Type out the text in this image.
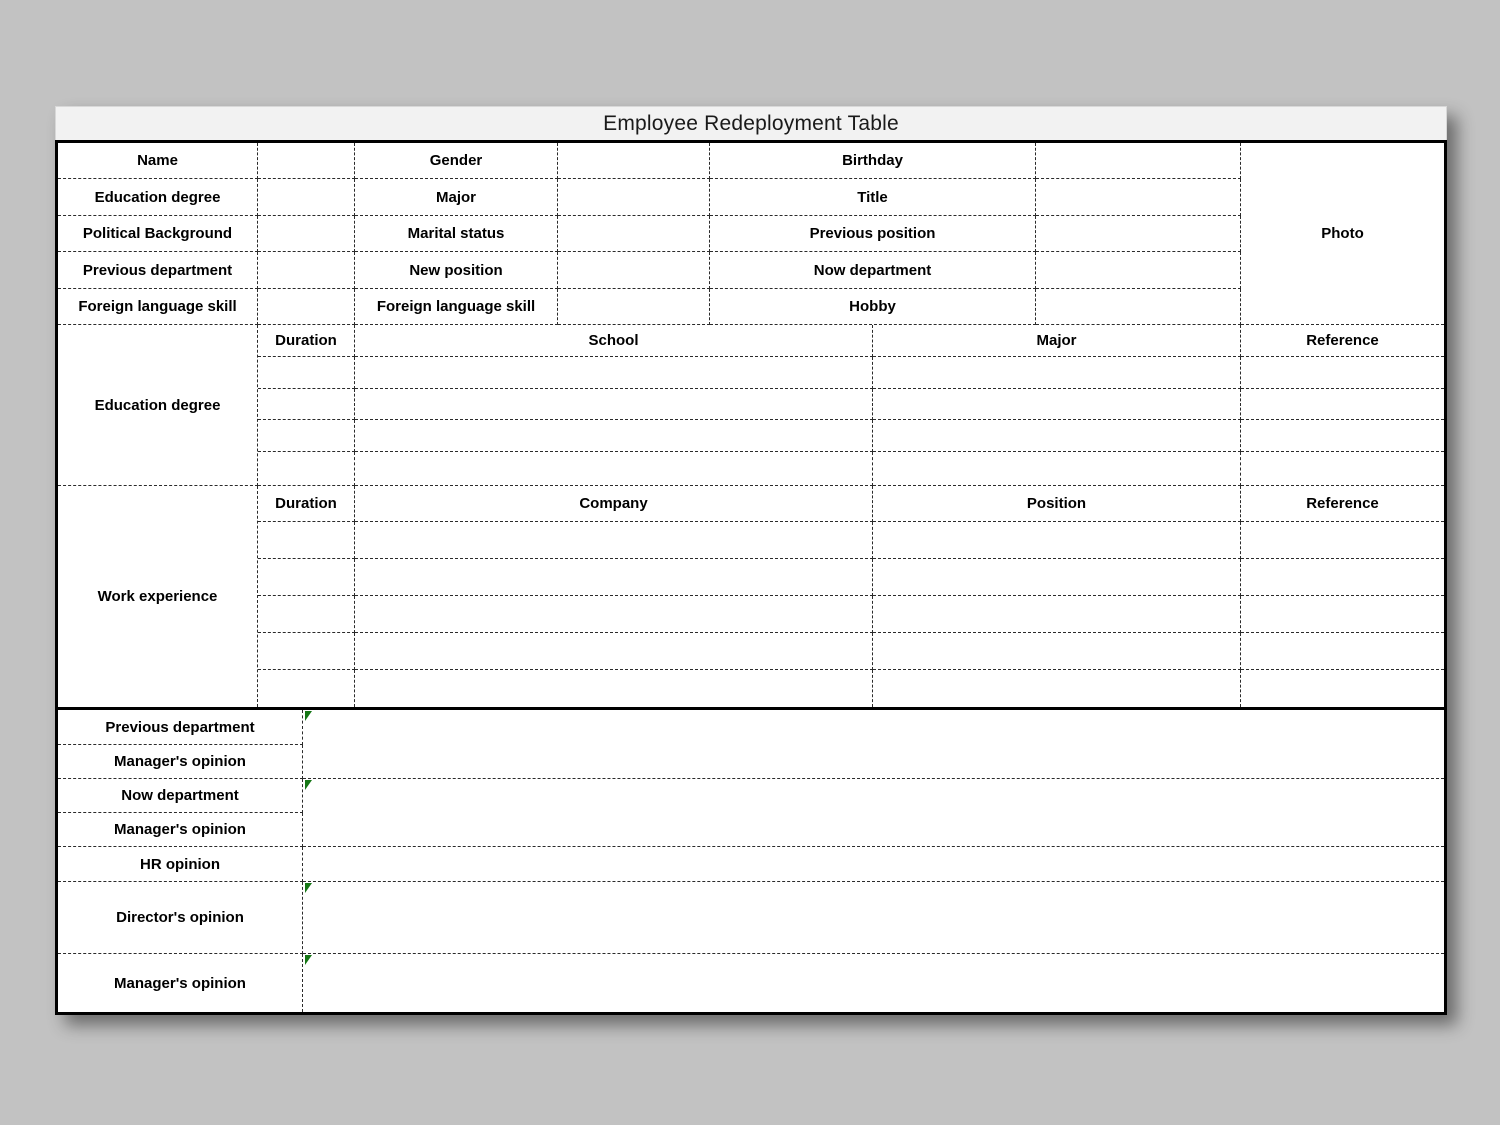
Employee Redeployment Table
Name	Gender	Birthday
Photo
Education degree	Major	Title
Political Background	Marital status	Previous position
Previous department	New position	Now department
Foreign language skill	Foreign language skill	Hobby
Education degree
Duration	School	Major	Reference
Work experience
Duration	Company	Position	Reference
Previous department
Manager's opinion
Now department
Manager's opinion
HR opinion
Director's opinion
Manager's opinion
